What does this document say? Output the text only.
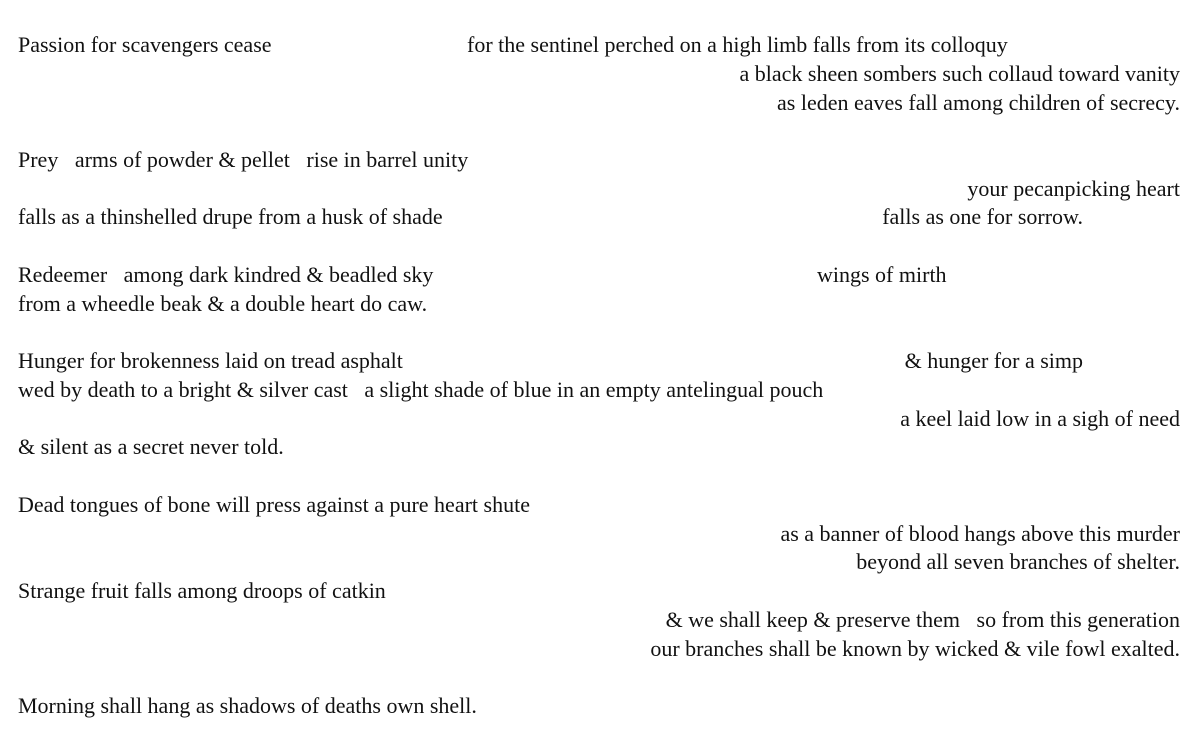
Passion for scavengers cease	for the sentinel perched on a high limb falls from its colloquy

a black sheen sombers such collaud toward vanity

as leden eaves fall among children of secrecy.

Prey   arms of powder & pellet   rise in barrel unity

your pecanpicking heart

falls as a thinshelled drupe from a husk of shade	falls as one for sorrow.

Redeemer   among dark kindred & beadled sky	wings of mirth

from a wheedle beak & a double heart do caw.

Hunger for brokenness laid on tread asphalt	& hunger for a simp

wed by death to a bright & silver cast   a slight shade of blue in an empty antelingual pouch

a keel laid low in a sigh of need

& silent as a secret never told.

Dead tongues of bone will press against a pure heart shute

as a banner of blood hangs above this murder

beyond all seven branches of shelter.

Strange fruit falls among droops of catkin

& we shall keep & preserve them   so from this generation

our branches shall be known by wicked & vile fowl exalted.

Morning shall hang as shadows of deaths own shell.
